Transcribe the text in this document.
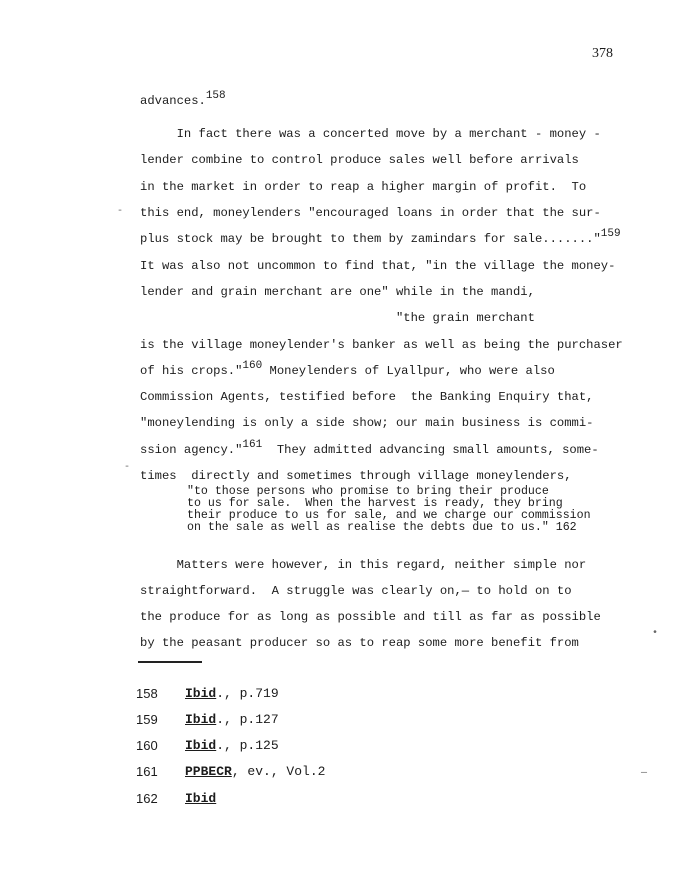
378
advances.$^{158}$
In fact there was a concerted move by a merchant - money -
lender combine to control produce sales well before arrivals
in the market in order to reap a higher margin of profit.  To
this end, moneylenders "encouraged loans in order that the sur-
plus stock may be brought to them by zamindars for sale......."$^{159}$
It was also not uncommon to find that, "in the village the money-
lender and grain merchant are one" while in the mandi,
"the grain merchant
is the village moneylender's banker as well as being the purchaser
of his crops."$^{160}$ Moneylenders of Lyallpur, who were also
Commission Agents, testified before  the Banking Enquiry that,
"moneylending is only a side show; our main business is commi-
ssion agency."$^{161}$  They admitted advancing small amounts, some-
times  directly and sometimes through village moneylenders,
"to those persons who promise to bring their produce
to us for sale.  When the harvest is ready, they bring
their produce to us for sale, and we charge our commission
on the sale as well as realise the debts due to us." 162
Matters were however, in this regard, neither simple nor
straightforward.  A struggle was clearly on,— to hold on to
the produce for as long as possible and till as far as possible
by the peasant producer so as to reap some more benefit from
158 Ibid., p.719
159 Ibid., p.127
160 Ibid., p.125
161 PPBECR, ev., Vol.2
162 Ibid
-
-
•
—
